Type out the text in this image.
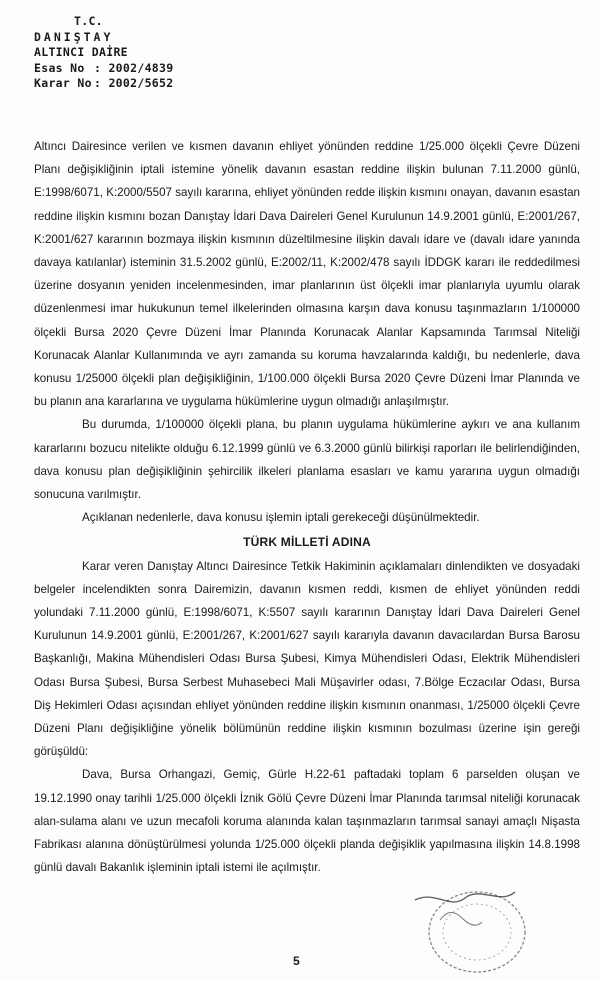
T.C.
DANIŞTAY
ALTINCI DAİRE
Esas No : 2002/4839
Karar No : 2002/5652

Altıncı Dairesince verilen ve kısmen davanın ehliyet yönünden reddine 1/25.000 ölçekli Çevre Düzeni Planı değişikliğinin iptali istemine yönelik davanın esastan reddine ilişkin bulunan 7.11.2000 günlü, E:1998/6071, K:2000/5507 sayılı kararına, ehliyet yönünden redde ilişkin kısmını onayan, davanın esastan reddine ilişkin kısmını bozan Danıştay İdari Dava Daireleri Genel Kurulunun 14.9.2001 günlü, E:2001/267, K:2001/627 kararının bozmaya ilişkin kısmının düzeltilmesine ilişkin davalı idare ve (davalı idare yanında davaya katılanlar) isteminin 31.5.2002 günlü, E:2002/11, K:2002/478 sayılı İDDGK kararı ile reddedilmesi üzerine dosyanın yeniden incelenmesinden, imar planlarının üst ölçekli imar planlarıyla uyumlu olarak düzenlenmesi imar hukukunun temel ilkelerinden olmasına karşın dava konusu taşınmazların 1/100000 ölçekli Bursa 2020 Çevre Düzeni İmar Planında Korunacak Alanlar Kapsamında Tarımsal Niteliği Korunacak Alanlar Kullanımında ve ayrı zamanda su koruma havzalarında kaldığı, bu nedenlerle, dava konusu 1/25000 ölçekli plan değişikliğinin, 1/100.000 ölçekli Bursa 2020 Çevre Düzeni İmar Planında ve bu planın ana kararlarına ve uygulama hükümlerine uygun olmadığı anlaşılmıştır.

Bu durumda, 1/100000 ölçekli plana, bu planın uygulama hükümlerine aykırı ve ana kullanım kararlarını bozucu nitelikte olduğu 6.12.1999 günlü ve 6.3.2000 günlü bilirkişi raporları ile belirlendiğinden, dava konusu plan değişikliğinin şehircilik ilkeleri planlama esasları ve kamu yararına uygun olmadığı sonucuna varılmıştır.

Açıklanan nedenlerle, dava konusu işlemin iptali gerekeceği düşünülmektedir.

TÜRK MİLLETİ ADINA

Karar veren Danıştay Altıncı Dairesince Tetkik Hakiminin açıklamaları dinlendikten ve dosyadaki belgeler incelendikten sonra Dairemizin, davanın kısmen reddi, kısmen de ehliyet yönünden reddi yolundaki 7.11.2000 günlü, E:1998/6071, K:5507 sayılı kararının Danıştay İdari Dava Daireleri Genel Kurulunun 14.9.2001 günlü, E:2001/267, K:2001/627 sayılı kararıyla davanın davacılardan Bursa Barosu Başkanlığı, Makina Mühendisleri Odası Bursa Şubesi, Kimya Mühendisleri Odası, Elektrik Mühendisleri Odası Bursa Şubesi, Bursa Serbest Muhasebeci Mali Müşavirler odası, 7.Bölge Eczacılar Odası, Bursa Diş Hekimleri Odası açısından ehliyet yönünden reddine ilişkin kısmının onanması, 1/25000 ölçekli Çevre Düzeni Planı değişikliğine yönelik bölümünün reddine ilişkin kısmının bozulması üzerine işin gereği görüşüldü:

Dava, Bursa Orhangazi, Gemiç, Gürle H.22-61 paftadaki toplam 6 parselden oluşan ve 19.12.1990 onay tarihli 1/25.000 ölçekli İznik Gölü Çevre Düzeni İmar Planında tarımsal niteliği korunacak alan-sulama alanı ve uzun mecafoli koruma alanında kalan taşınmazların tarımsal sanayi amaçlı Nişasta Fabrikası alanına dönüştürülmesi yolunda 1/25.000 ölçekli planda değişiklik yapılmasına ilişkin 14.8.1998 günlü davalı Bakanlık işleminin iptali istemi ile açılmıştır.

5
